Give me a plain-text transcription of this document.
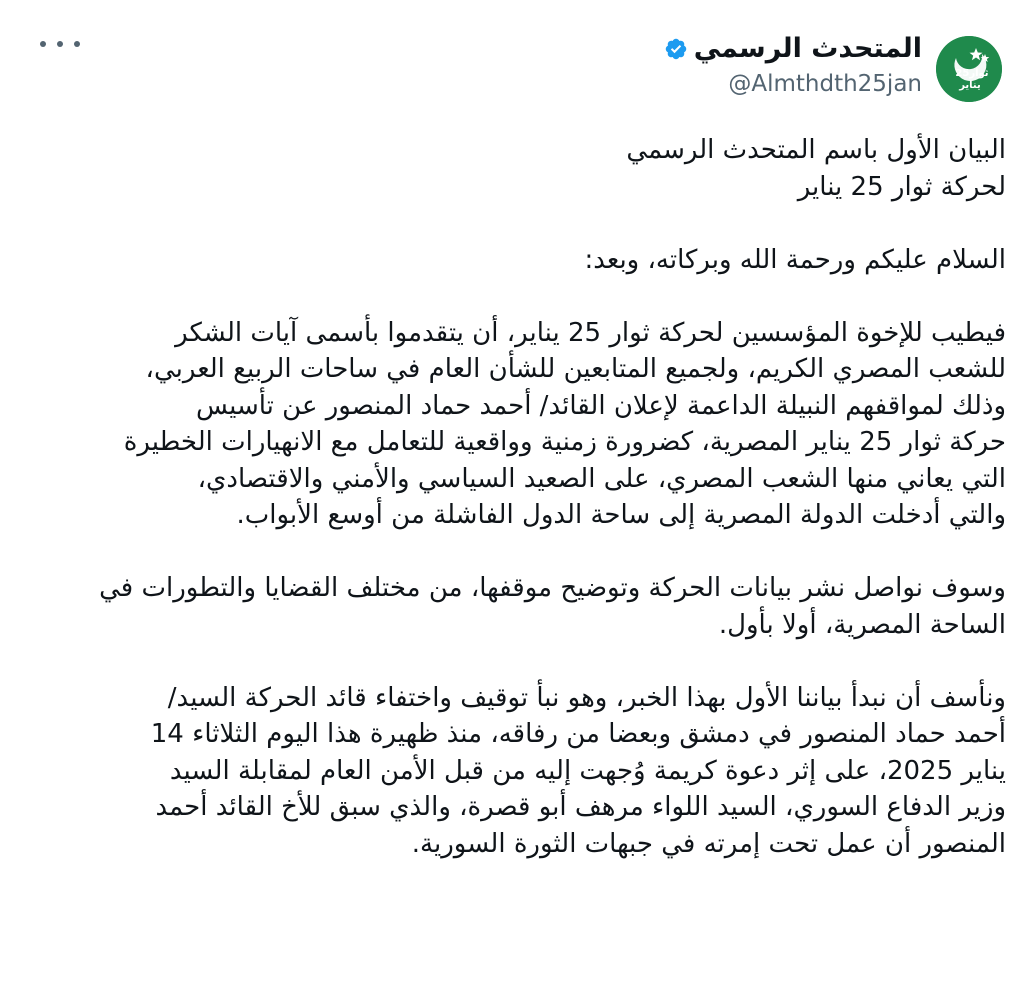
ثوار25
يناير
المتحدث الرسمي
@Almthdth25jan
البيان الأول باسم المتحدث الرسمي
لحركة ثوار 25 يناير
السلام عليكم ورحمة الله وبركاته، وبعد:
فيطيب للإخوة المؤسسين لحركة ثوار 25 يناير، أن يتقدموا بأسمى آيات الشكر
للشعب المصري الكريم، ولجميع المتابعين للشأن العام في ساحات الربيع العربي،
وذلك لمواقفهم النبيلة الداعمة لإعلان القائد/ أحمد حماد المنصور عن تأسيس
حركة ثوار 25 يناير المصرية، كضرورة زمنية وواقعية للتعامل مع الانهيارات الخطيرة
التي يعاني منها الشعب المصري، على الصعيد السياسي والأمني والاقتصادي،
والتي أدخلت الدولة المصرية إلى ساحة الدول الفاشلة من أوسع الأبواب.
وسوف نواصل نشر بيانات الحركة وتوضيح موقفها، من مختلف القضايا والتطورات في
الساحة المصرية، أولا بأول.
ونأسف أن نبدأ بياننا الأول بهذا الخبر، وهو نبأ توقيف واختفاء قائد الحركة السيد/
أحمد حماد المنصور في دمشق وبعضا من رفاقه، منذ ظهيرة هذا اليوم الثلاثاء 14
يناير 2025، على إثر دعوة كريمة وُجهت إليه من قبل الأمن العام لمقابلة السيد
وزير الدفاع السوري، السيد اللواء مرهف أبو قصرة، والذي سبق للأخ القائد أحمد
المنصور أن عمل تحت إمرته في جبهات الثورة السورية.
